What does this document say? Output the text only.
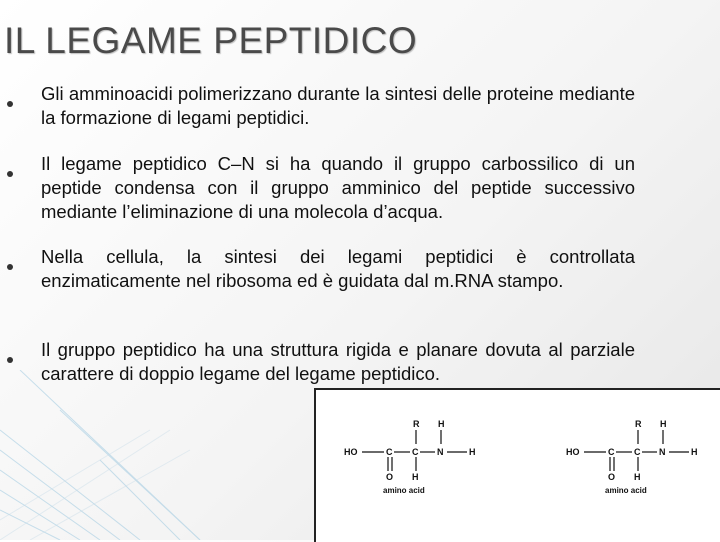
IL LEGAME PEPTIDICO
Gli amminoacidi polimerizzano durante la sintesi delle proteine mediante la formazione di legami peptidici.
Il legame peptidico C–N si ha quando il gruppo carbossilico di un peptide condensa con il gruppo amminico del peptide successivo mediante l’eliminazione di una molecola d’acqua.
Nella cellula, la sintesi dei legami peptidici è controllata enzimaticamente nel ribosoma ed è guidata dal m.RNA stampo.
Il gruppo peptidico ha una struttura rigida e planare dovuta al parziale carattere di doppio legame del legame peptidico.
HO	C C N	H
R H
O H
amino acid
HO	C C N	H
R H
O H
amino acid
